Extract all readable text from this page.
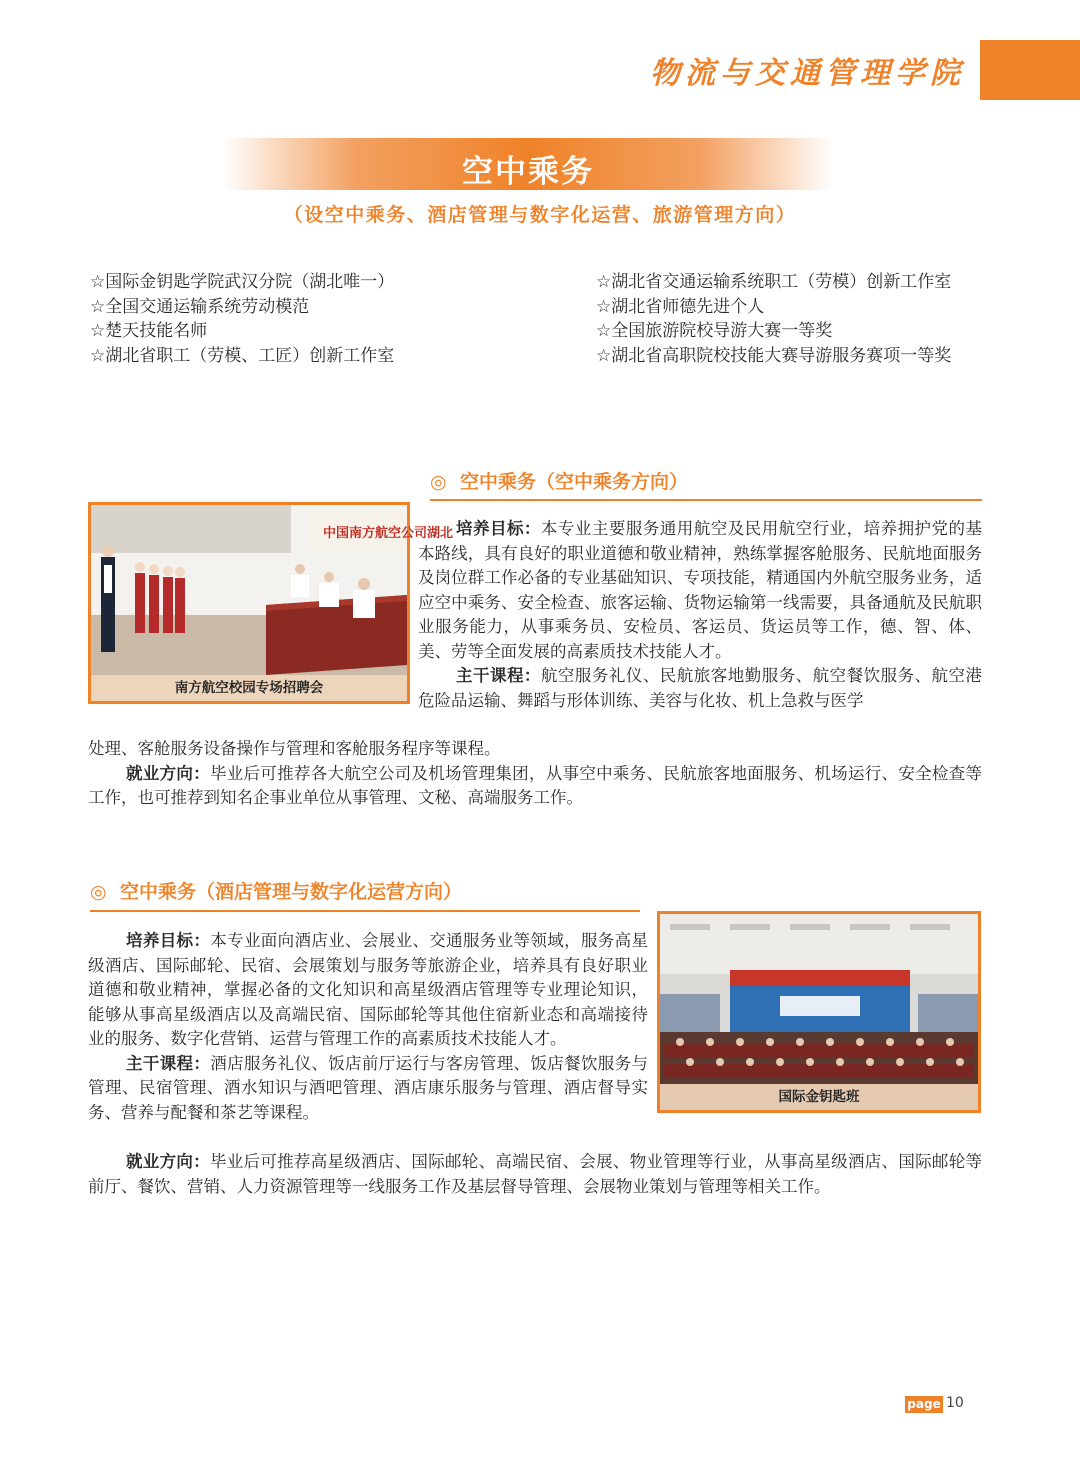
物流与交通管理学院
空中乘务
（设空中乘务、酒店管理与数字化运营、旅游管理方向）
☆国际金钥匙学院武汉分院（湖北唯一）
☆全国交通运输系统劳动模范
☆楚天技能名师
☆湖北省职工（劳模、工匠）创新工作室
☆湖北省交通运输系统职工（劳模）创新工作室
☆湖北省师德先进个人
☆全国旅游院校导游大赛一等奖
☆湖北省高职院校技能大赛导游服务赛项一等奖
◎ 空中乘务（空中乘务方向）
中国南方航空公司湖北
南方航空校园专场招聘会

培养目标：本专业主要服务通用航空及民用航空行业，培养拥护党的基本路线，具有良好的职业道德和敬业精神，熟练掌握客舱服务、民航地面服务及岗位群工作必备的专业基础知识、专项技能，精通国内外航空服务业务，适应空中乘务、安全检查、旅客运输、货物运输第一线需要，具备通航及民航职业服务能力，从事乘务员、安检员、客运员、货运员等工作，德、智、体、美、劳等全面发展的高素质技术技能人才。

主干课程：航空服务礼仪、民航旅客地勤服务、航空餐饮服务、航空港危险品运输、舞蹈与形体训练、美容与化妆、机上急救与医学

处理、客舱服务设备操作与管理和客舱服务程序等课程。

就业方向：毕业后可推荐各大航空公司及机场管理集团，从事空中乘务、民航旅客地面服务、机场运行、安全检查等工作，也可推荐到知名企事业单位从事管理、文秘、高端服务工作。

◎ 空中乘务（酒店管理与数字化运营方向）
国际金钥匙班

培养目标：本专业面向酒店业、会展业、交通服务业等领域，服务高星级酒店、国际邮轮、民宿、会展策划与服务等旅游企业，培养具有良好职业道德和敬业精神，掌握必备的文化知识和高星级酒店管理等专业理论知识，能够从事高星级酒店以及高端民宿、国际邮轮等其他住宿新业态和高端接待业的服务、数字化营销、运营与管理工作的高素质技术技能人才。

主干课程：酒店服务礼仪、饭店前厅运行与客房管理、饭店餐饮服务与管理、民宿管理、酒水知识与酒吧管理、酒店康乐服务与管理、酒店督导实务、营养与配餐和茶艺等课程。

就业方向：毕业后可推荐高星级酒店、国际邮轮、高端民宿、会展、物业管理等行业，从事高星级酒店、国际邮轮等前厅、餐饮、营销、人力资源管理等一线服务工作及基层督导管理、会展物业策划与管理等相关工作。

page 10
